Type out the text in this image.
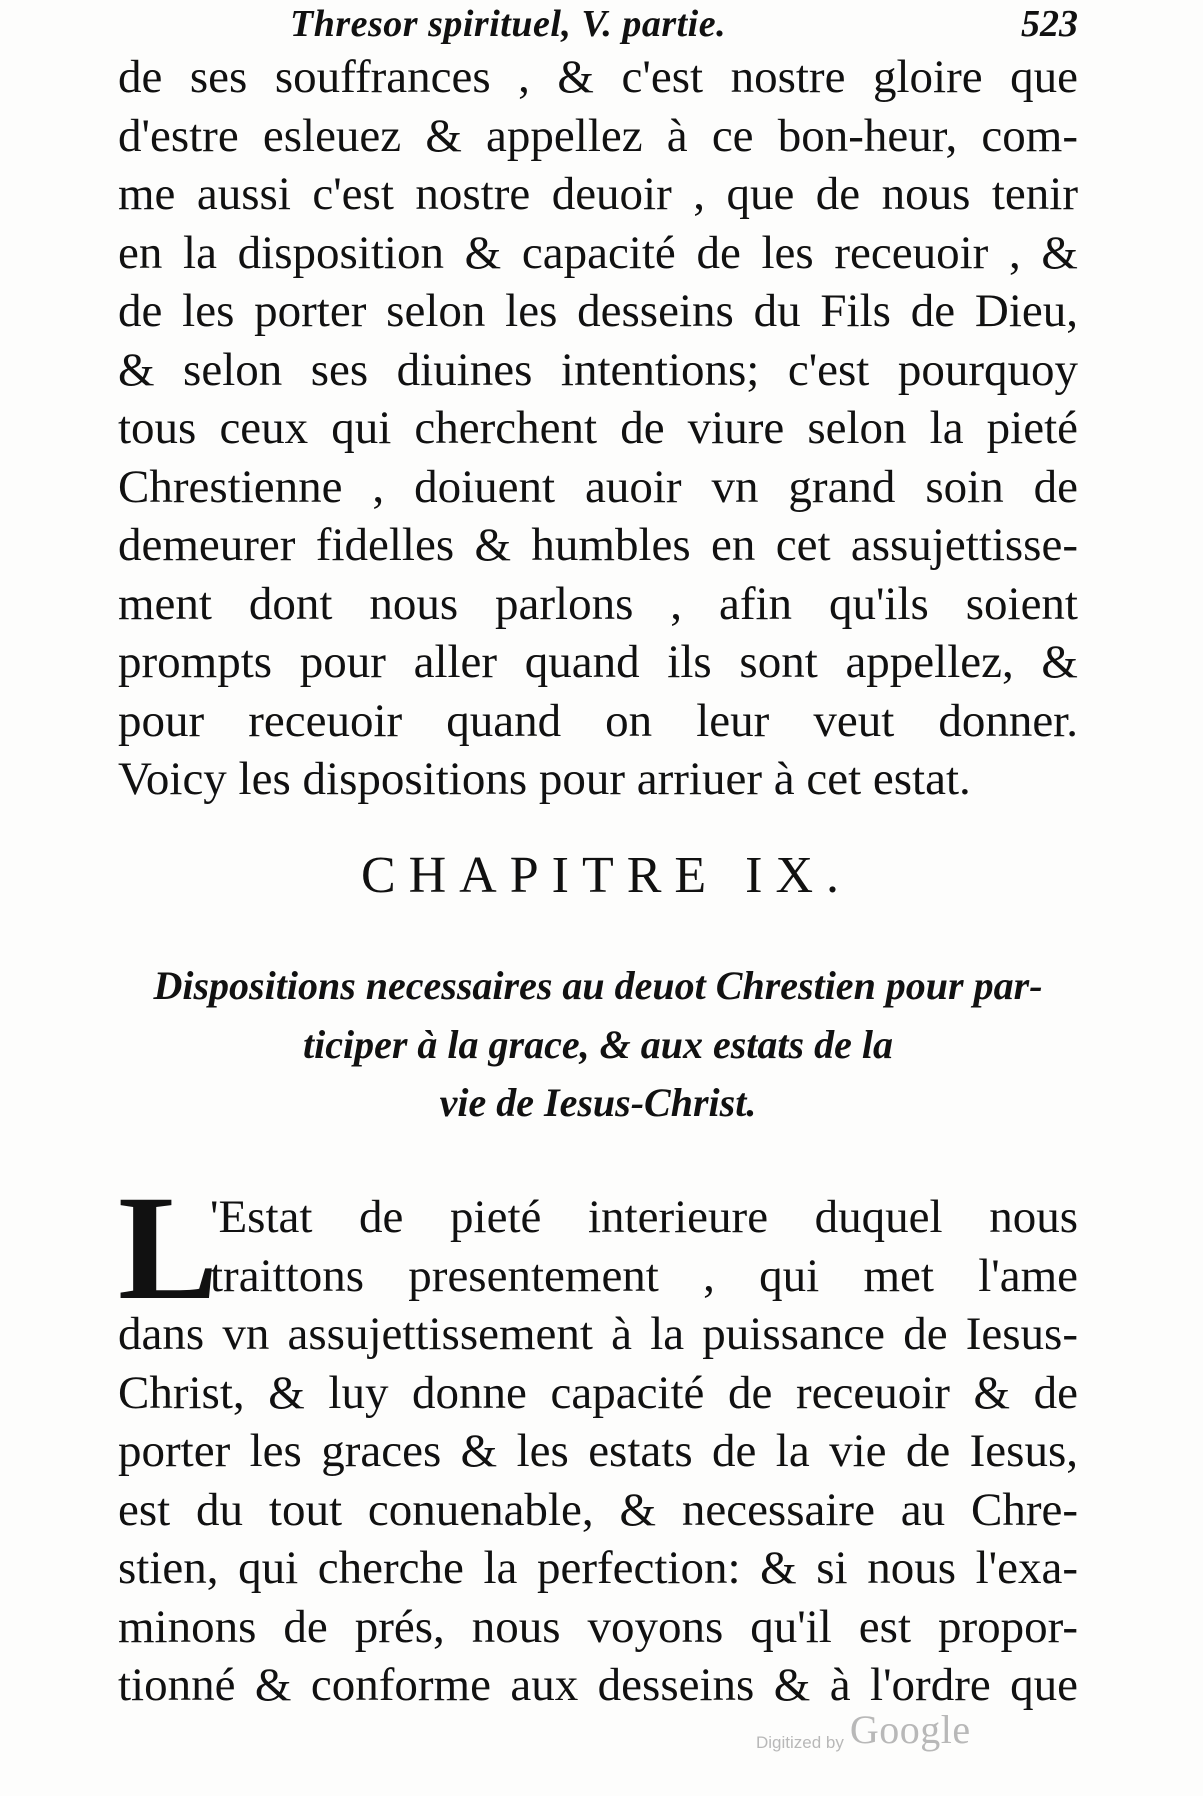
Thresor spirituel, V. partie.	523
de ses souffrances , & c'est nostre gloire que
d'estre esleuez & appellez à ce bon-heur, com-
me aussi c'est nostre deuoir , que de nous tenir
en la disposition & capacité de les receuoir , &
de les porter selon les desseins du Fils de Dieu,
& selon ses diuines intentions; c'est pourquoy
tous ceux qui cherchent de viure selon la pieté
Chrestienne , doiuent auoir vn grand soin de
demeurer fidelles & humbles en cet assujettisse-
ment dont nous parlons , afin qu'ils soient
prompts pour aller quand ils sont appellez, &
pour receuoir quand on leur veut donner.
Voicy les dispositions pour arriuer à cet estat.
CHAPITRE IX.
Dispositions necessaires au deuot Chrestien pour par-
ticiper à la grace, & aux estats de la
vie de Iesus-Christ.
L
'Estat de pieté interieure duquel nous
traittons presentement , qui met l'ame
dans vn assujettissement à la puissance de Iesus-
Christ, & luy donne capacité de receuoir & de
porter les graces & les estats de la vie de Iesus,
est du tout conuenable, & necessaire au Chre-
stien, qui cherche la perfection: & si nous l'exa-
minons de prés, nous voyons qu'il est propor-
tionné & conforme aux desseins & à l'ordre que
Digitized by Google
